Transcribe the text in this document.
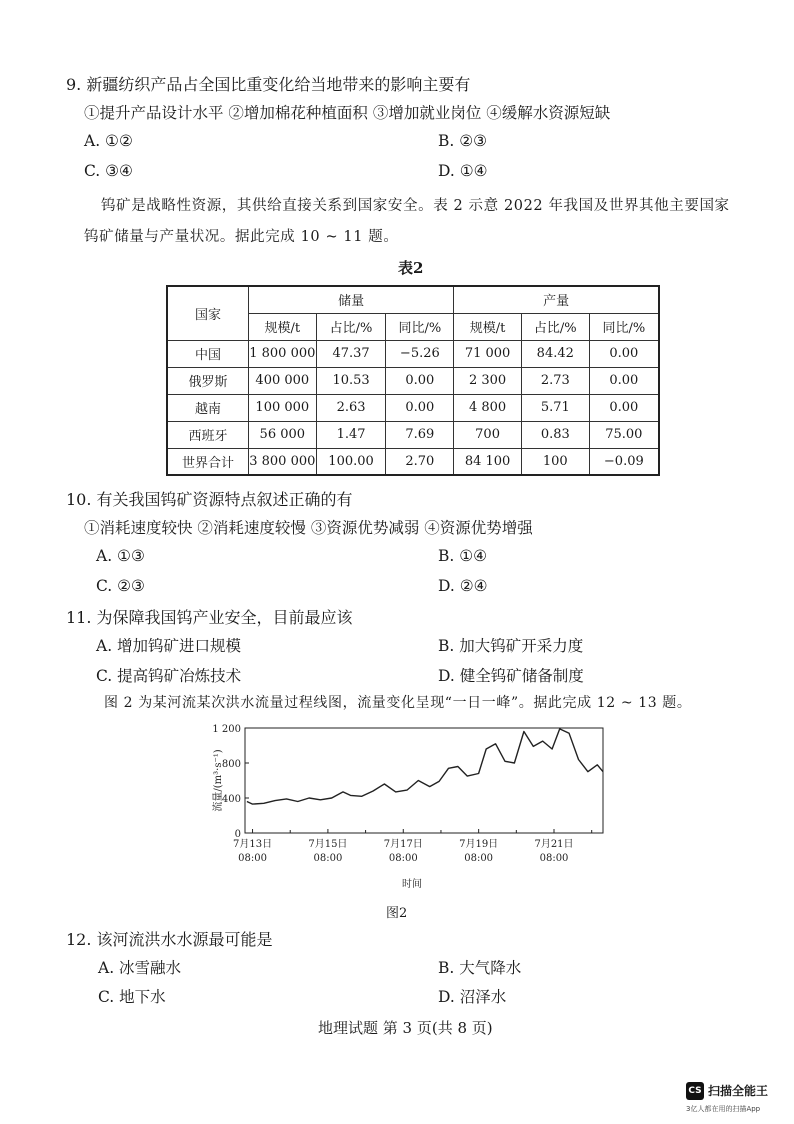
9. 新疆纺织产品占全国比重变化给当地带来的影响主要有
①提升产品设计水平 ②增加棉花种植面积 ③增加就业岗位 ④缓解水资源短缺
A. ①②	B. ②③
C. ③④	D. ①④
钨矿是战略性资源，其供给直接关系到国家安全。表 2 示意 2022 年我国及世界其他主要国家
钨矿储量与产量状况。据此完成 10 ~ 11 题。
表2
国家	储量			产量		
	规模/t	占比/%	同比/%	规模/t	占比/%	同比/%
中国	1 800 000	47.37	−5.26	71 000	84.42	0.00
俄罗斯	400 000	10.53	0.00	2 300	2.73	0.00
越南	100 000	2.63	0.00	4 800	5.71	0.00
西班牙	56 000	1.47	7.69	700	0.83	75.00
世界合计	3 800 000	100.00	2.70	84 100	100	−0.09
10. 有关我国钨矿资源特点叙述正确的有
①消耗速度较快 ②消耗速度较慢 ③资源优势减弱 ④资源优势增强
A. ①③	B. ①④
C. ②③	D. ②④
11. 为保障我国钨产业安全，目前最应该
A. 增加钨矿进口规模	B. 加大钨矿开采力度
C. 提高钨矿冶炼技术	D. 健全钨矿储备制度
图 2 为某河流某次洪水流量过程线图，流量变化呈现“一日一峰”。据此完成 12 ~ 13 题。
0
400
800
1 200
7月13日
08:00
7月15日
08:00
7月17日
08:00
7月19日
08:00
7月21日
08:00
流量/(m³·s⁻¹)
时间
图2
12. 该河流洪水水源最可能是
A. 冰雪融水	B. 大气降水
C. 地下水	D. 沼泽水
地理试题 第 3 页(共 8 页)
CS 扫描全能王
3亿人都在用的扫描App
